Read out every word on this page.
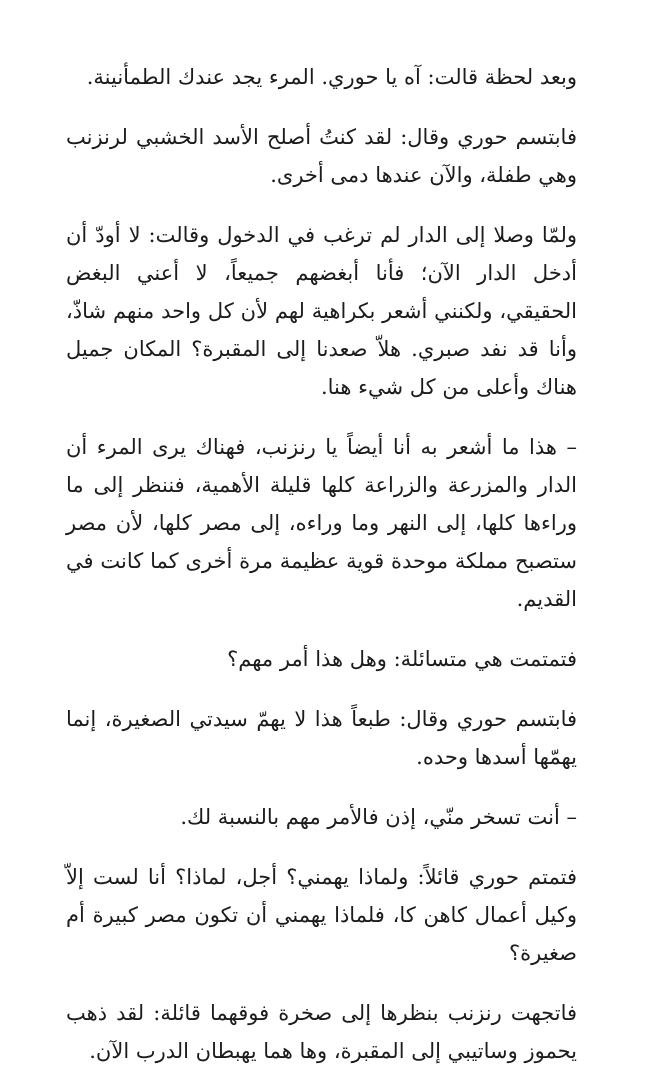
وبعد لحظة قالت: آه يا حوري. المرء يجد عندك الطمأنينة.

فابتسم حوري وقال: لقد كنتُ أصلح الأسد الخشبي لرنزنب وهي طفلة، والآن عندها دمى أخرى.

ولمّا وصلا إلى الدار لم ترغب في الدخول وقالت: لا أودّ أن أدخل الدار الآن؛ فأنا أبغضهم جميعاً، لا أعني البغض الحقيقي، ولكنني أشعر بكراهية لهم لأن كل واحد منهم شاذّ، وأنا قد نفد صبري. هلاّ صعدنا إلى المقبرة؟ المكان جميل هناك وأعلى من كل شيء هنا.

– هذا ما أشعر به أنا أيضاً يا رنزنب، فهناك يرى المرء أن الدار والمزرعة والزراعة كلها قليلة الأهمية، فننظر إلى ما وراءها كلها، إلى النهر وما وراءه، إلى مصر كلها، لأن مصر ستصبح مملكة موحدة قوية عظيمة مرة أخرى كما كانت في القديم.

فتمتمت هي متسائلة: وهل هذا أمر مهم؟

فابتسم حوري وقال: طبعاً هذا لا يهمّ سيدتي الصغيرة، إنما يهمّها أسدها وحده.

– أنت تسخر منّي، إذن فالأمر مهم بالنسبة لك.

فتمتم حوري قائلاً: ولماذا يهمني؟ أجل، لماذا؟ أنا لست إلاّ وكيل أعمال كاهن كا، فلماذا يهمني أن تكون مصر كبيرة أم صغيرة؟

فاتجهت رنزنب بنظرها إلى صخرة فوقهما قائلة: لقد ذهب يحموز وساتيبي إلى المقبرة، وها هما يهبطان الدرب الآن.
